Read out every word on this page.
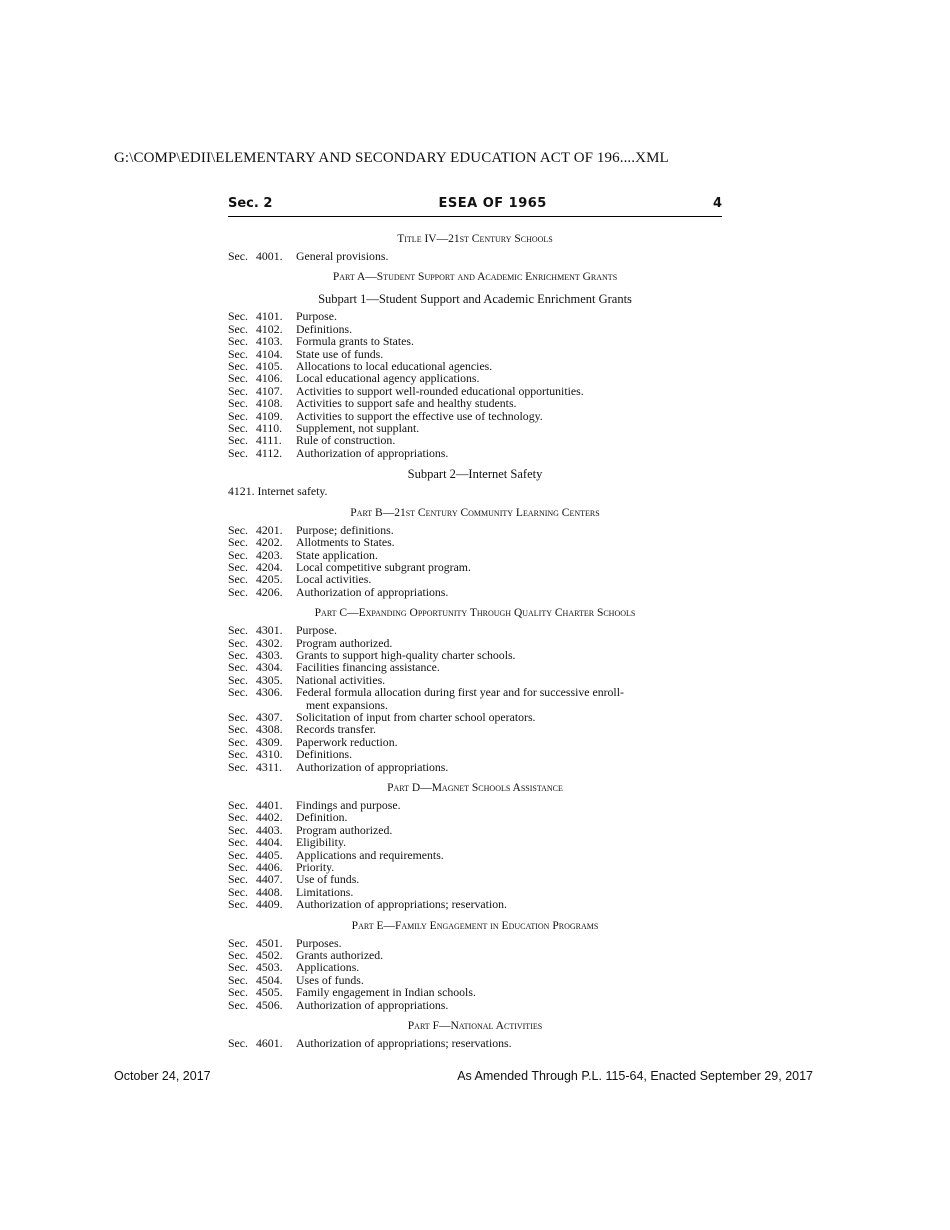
G:\COMP\EDII\ELEMENTARY AND SECONDARY EDUCATION ACT OF 196....XML
Sec. 2	ESEA OF 1965	4
Title IV—21st Century Schools
Sec. 4001.	General provisions.
Part A—Student Support and Academic Enrichment Grants
Subpart 1—Student Support and Academic Enrichment Grants
Sec. 4101.	Purpose.
Sec. 4102.	Definitions.
Sec. 4103.	Formula grants to States.
Sec. 4104.	State use of funds.
Sec. 4105.	Allocations to local educational agencies.
Sec. 4106.	Local educational agency applications.
Sec. 4107.	Activities to support well-rounded educational opportunities.
Sec. 4108.	Activities to support safe and healthy students.
Sec. 4109.	Activities to support the effective use of technology.
Sec. 4110.	Supplement, not supplant.
Sec. 4111.	Rule of construction.
Sec. 4112.	Authorization of appropriations.
Subpart 2—Internet Safety
4121. Internet safety.
Part B—21st Century Community Learning Centers
Sec. 4201.	Purpose; definitions.
Sec. 4202.	Allotments to States.
Sec. 4203.	State application.
Sec. 4204.	Local competitive subgrant program.
Sec. 4205.	Local activities.
Sec. 4206.	Authorization of appropriations.
Part C—Expanding Opportunity Through Quality Charter Schools
Sec. 4301.	Purpose.
Sec. 4302.	Program authorized.
Sec. 4303.	Grants to support high-quality charter schools.
Sec. 4304.	Facilities financing assistance.
Sec. 4305.	National activities.
Sec. 4306.	Federal formula allocation during first year and for successive enroll-
ment expansions.
Sec. 4307.	Solicitation of input from charter school operators.
Sec. 4308.	Records transfer.
Sec. 4309.	Paperwork reduction.
Sec. 4310.	Definitions.
Sec. 4311.	Authorization of appropriations.
Part D—Magnet Schools Assistance
Sec. 4401.	Findings and purpose.
Sec. 4402.	Definition.
Sec. 4403.	Program authorized.
Sec. 4404.	Eligibility.
Sec. 4405.	Applications and requirements.
Sec. 4406.	Priority.
Sec. 4407.	Use of funds.
Sec. 4408.	Limitations.
Sec. 4409.	Authorization of appropriations; reservation.
Part E—Family Engagement in Education Programs
Sec. 4501.	Purposes.
Sec. 4502.	Grants authorized.
Sec. 4503.	Applications.
Sec. 4504.	Uses of funds.
Sec. 4505.	Family engagement in Indian schools.
Sec. 4506.	Authorization of appropriations.
Part F—National Activities
Sec. 4601.	Authorization of appropriations; reservations.
October 24, 2017	As Amended Through P.L. 115-64, Enacted September 29, 2017
